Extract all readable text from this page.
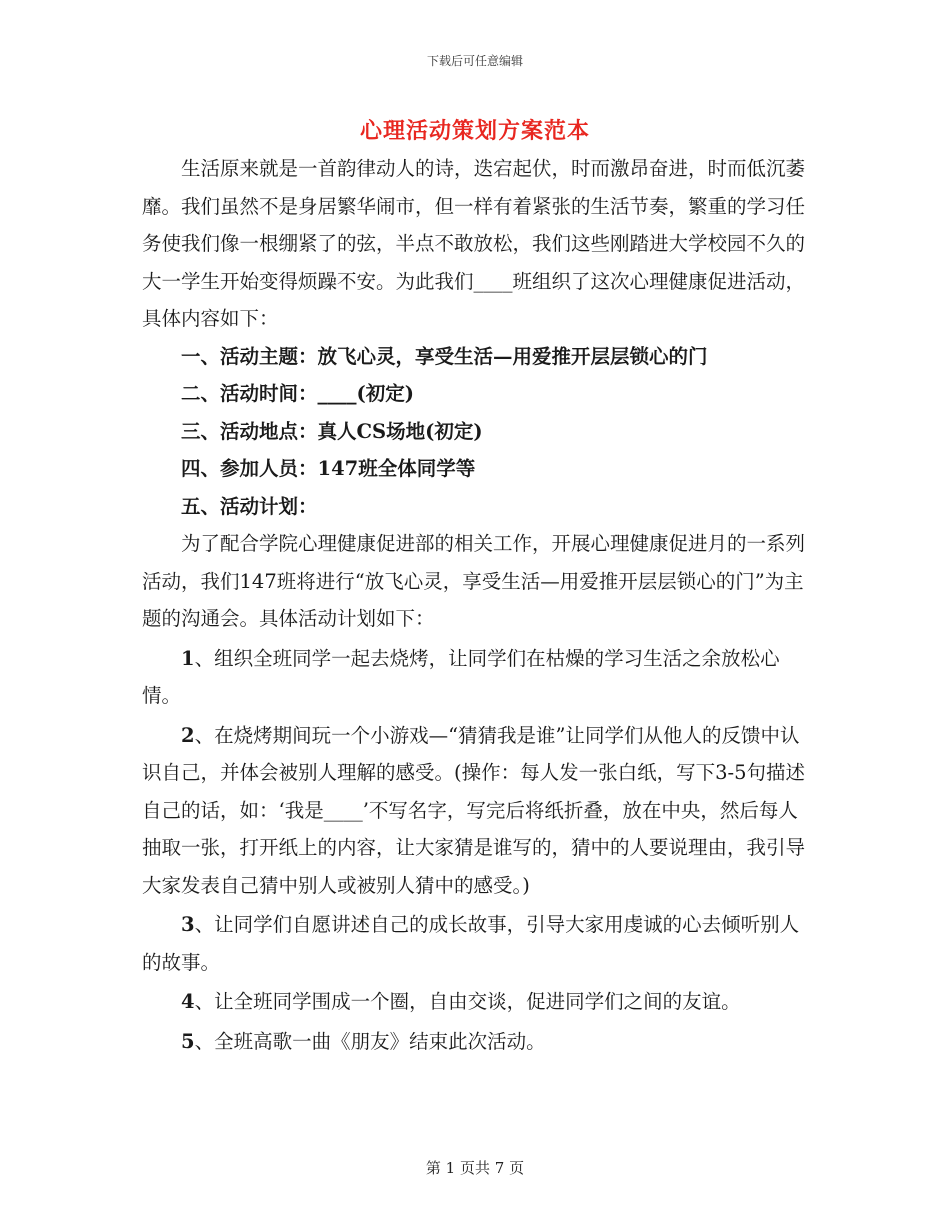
下载后可任意编辑
心理活动策划方案范本

生活原来就是一首韵律动人的诗，迭宕起伏，时而激昂奋进，时而低沉萎靡。我们虽然不是身居繁华闹市，但一样有着紧张的生活节奏，繁重的学习任务使我们像一根绷紧了的弦，半点不敢放松，我们这些刚踏进大学校园不久的大一学生开始变得烦躁不安。为此我们____班组织了这次心理健康促进活动，具体内容如下：

一、活动主题：放飞心灵，享受生活—用爱推开层层锁心的门

二、活动时间：____(初定)

三、活动地点：真人CS场地(初定)

四、参加人员：147班全体同学等

五、活动计划：

为了配合学院心理健康促进部的相关工作，开展心理健康促进月的一系列活动，我们147班将进行“放飞心灵，享受生活—用爱推开层层锁心的门”为主题的沟通会。具体活动计划如下：

1、组织全班同学一起去烧烤，让同学们在枯燥的学习生活之余放松心情。

2、在烧烤期间玩一个小游戏—“猜猜我是谁”让同学们从他人的反馈中认识自己，并体会被别人理解的感受。(操作：每人发一张白纸，写下3-5句描述自己的话，如：‘我是____’不写名字，写完后将纸折叠，放在中央，然后每人抽取一张，打开纸上的内容，让大家猜是谁写的，猜中的人要说理由，我引导大家发表自己猜中别人或被别人猜中的感受。)

3、让同学们自愿讲述自己的成长故事，引导大家用虔诚的心去倾听别人的故事。

4、让全班同学围成一个圈，自由交谈，促进同学们之间的友谊。

5、全班高歌一曲《朋友》结束此次活动。

第 1 页共 7 页
